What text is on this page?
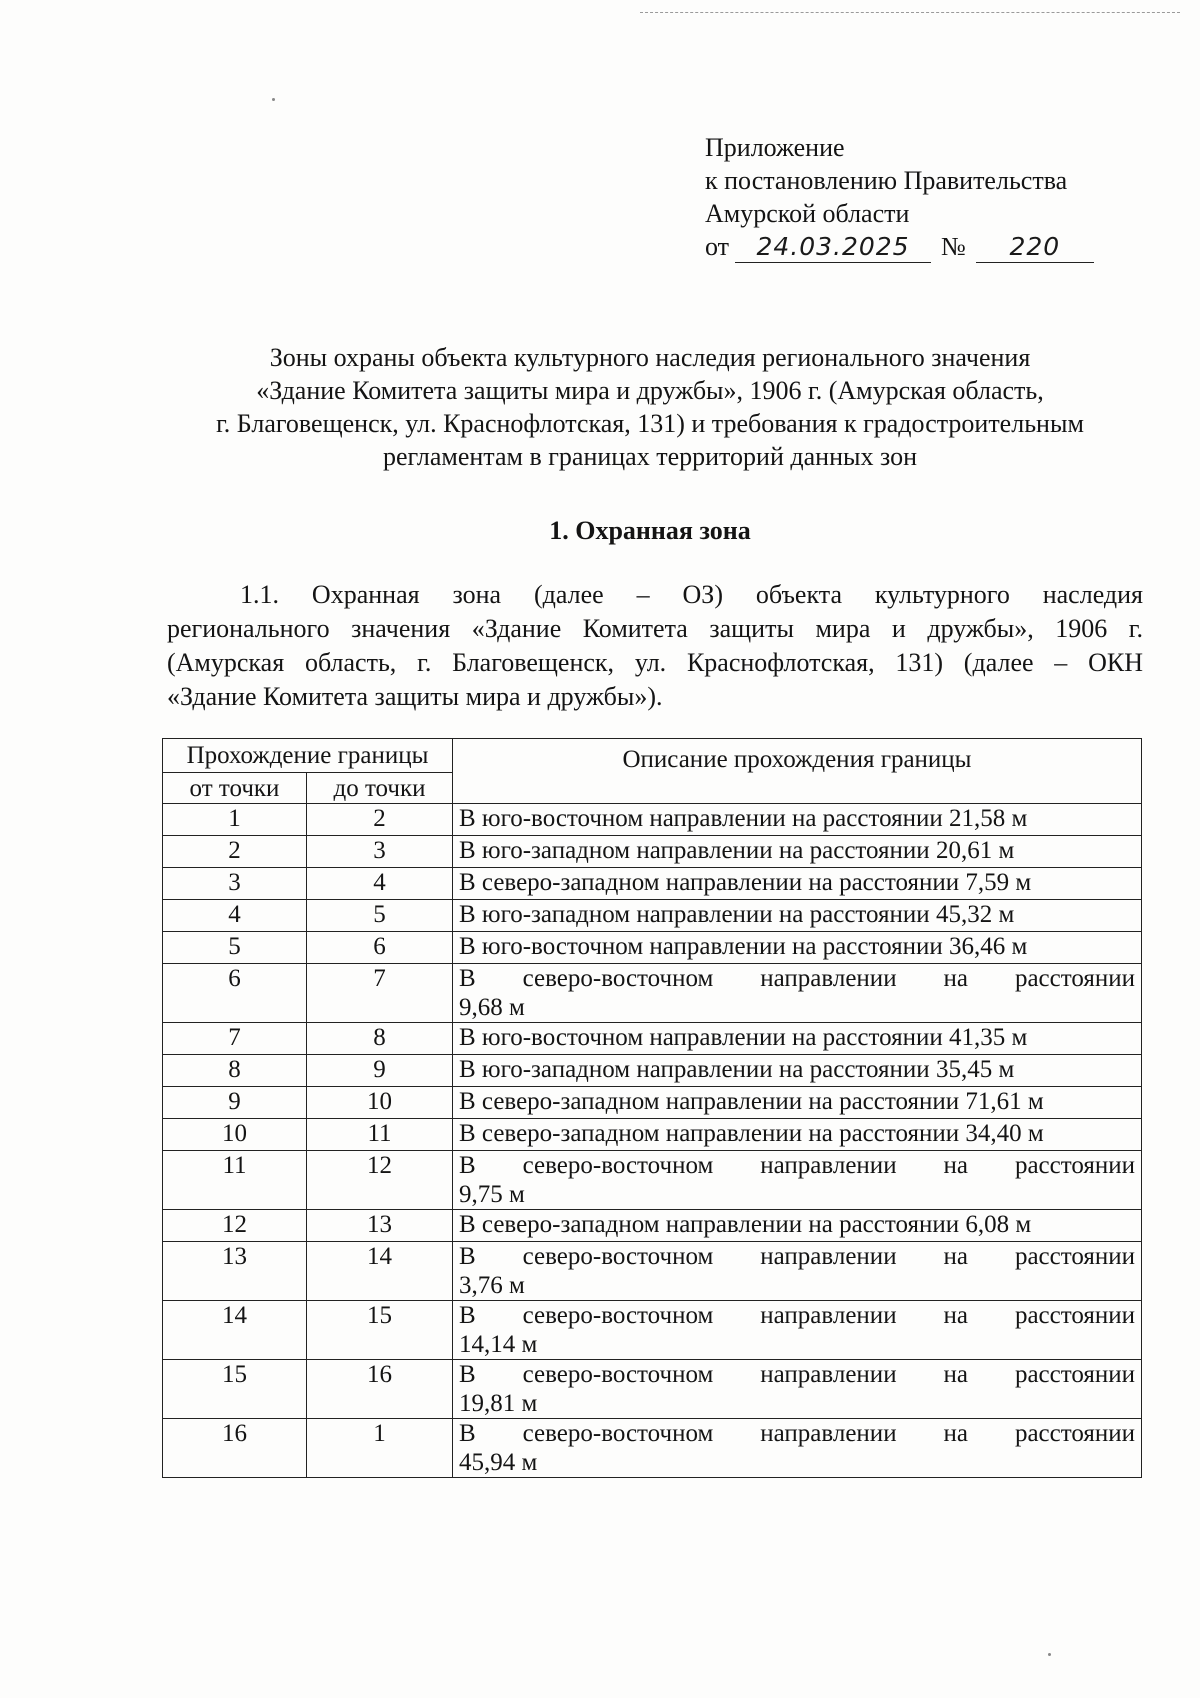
Приложение
к постановлению Правительства
Амурской области
от	24.03.2025	№	220
Зоны охраны объекта культурного наследия регионального значения
«Здание Комитета защиты мира и дружбы», 1906 г. (Амурская область,
г. Благовещенск, ул. Краснофлотская, 131) и требования к градостроительным
регламентам в границах территорий данных зон
1. Охранная зона
1.1. Охранная зона (далее – ОЗ) объекта культурного наследия
регионального значения «Здание Комитета защиты мира и дружбы», 1906 г.
(Амурская область, г. Благовещенск, ул. Краснофлотская, 131) (далее – ОКН
«Здание Комитета защиты мира и дружбы»).
Прохождение границы		Описание прохождения границы
от точки	до точки	
1	2	В юго-восточном направлении на расстоянии 21,58 м

2	3	В юго-западном направлении на расстоянии 20,61 м

3	4	В северо-западном направлении на расстоянии 7,59 м

4	5	В юго-западном направлении на расстоянии 45,32 м

5	6	В юго-восточном направлении на расстоянии 36,46 м

6	7	В северо-восточном направлении на расстоянии
9,68 м

7	8	В юго-восточном направлении на расстоянии 41,35 м

8	9	В юго-западном направлении на расстоянии 35,45 м

9	10	В северо-западном направлении на расстоянии 71,61 м

10	11	В северо-западном направлении на расстоянии 34,40 м

11	12	В северо-восточном направлении на расстоянии
9,75 м

12	13	В северо-западном направлении на расстоянии 6,08 м

13	14	В северо-восточном направлении на расстоянии
3,76 м

14	15	В северо-восточном направлении на расстоянии
14,14 м

15	16	В северо-восточном направлении на расстоянии
19,81 м

16	1	В северо-восточном направлении на расстоянии
45,94 м
